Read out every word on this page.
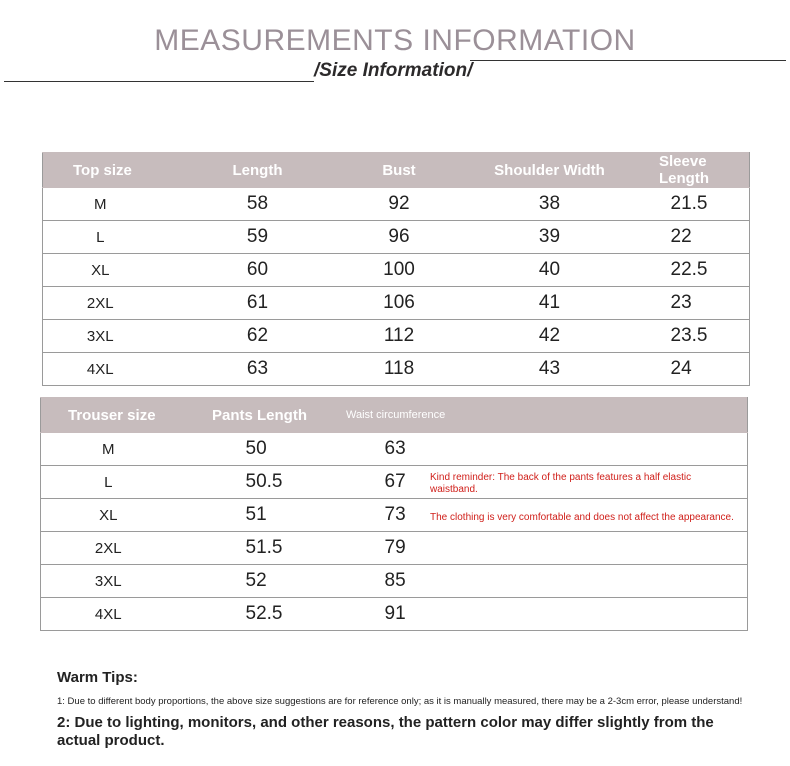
MEASUREMENTS INFORMATION
/Size Information/
Top size	Length	Bust	Shoulder Width	Sleeve Length
M	58	92	38	21.5
L	59	96	39	22
XL	60	100	40	22.5
2XL	61	106	41	23
3XL	62	112	42	23.5
4XL	63	118	43	24
Trouser size	Pants Length	Waist circumference
M	50	63
L	50.5	67
XL	51	73
2XL	51.5	79
3XL	52	85
4XL	52.5	91
Kind reminder: The back of the pants features a half elastic waistband.
The clothing is very comfortable and does not affect the appearance.
Warm Tips:
1: Due to different body proportions, the above size suggestions are for reference only; as it is manually measured, there may be a 2-3cm error, please understand!
2: Due to lighting, monitors, and other reasons, the pattern color may differ slightly from the actual product.
